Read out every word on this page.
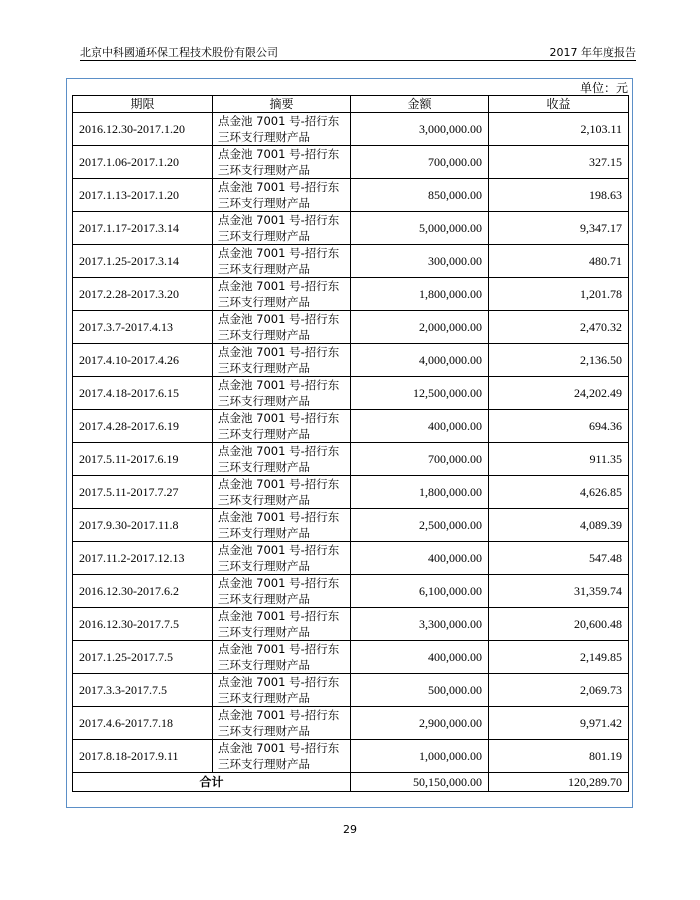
北京中科國通环保工程技术股份有限公司	2017 年年度报告
单位：元
期限	摘要	金额	收益
2016.12.30-2017.1.20	点金池 7001 号-招行东
三环支行理财产品	3,000,000.00	2,103.11
2017.1.06-2017.1.20	点金池 7001 号-招行东
三环支行理财产品	700,000.00	327.15
2017.1.13-2017.1.20	点金池 7001 号-招行东
三环支行理财产品	850,000.00	198.63
2017.1.17-2017.3.14	点金池 7001 号-招行东
三环支行理财产品	5,000,000.00	9,347.17
2017.1.25-2017.3.14	点金池 7001 号-招行东
三环支行理财产品	300,000.00	480.71
2017.2.28-2017.3.20	点金池 7001 号-招行东
三环支行理财产品	1,800,000.00	1,201.78
2017.3.7-2017.4.13	点金池 7001 号-招行东
三环支行理财产品	2,000,000.00	2,470.32
2017.4.10-2017.4.26	点金池 7001 号-招行东
三环支行理财产品	4,000,000.00	2,136.50
2017.4.18-2017.6.15	点金池 7001 号-招行东
三环支行理财产品	12,500,000.00	24,202.49
2017.4.28-2017.6.19	点金池 7001 号-招行东
三环支行理财产品	400,000.00	694.36
2017.5.11-2017.6.19	点金池 7001 号-招行东
三环支行理财产品	700,000.00	911.35
2017.5.11-2017.7.27	点金池 7001 号-招行东
三环支行理财产品	1,800,000.00	4,626.85
2017.9.30-2017.11.8	点金池 7001 号-招行东
三环支行理财产品	2,500,000.00	4,089.39
2017.11.2-2017.12.13	点金池 7001 号-招行东
三环支行理财产品	400,000.00	547.48
2016.12.30-2017.6.2	点金池 7001 号-招行东
三环支行理财产品	6,100,000.00	31,359.74
2016.12.30-2017.7.5	点金池 7001 号-招行东
三环支行理财产品	3,300,000.00	20,600.48
2017.1.25-2017.7.5	点金池 7001 号-招行东
三环支行理财产品	400,000.00	2,149.85
2017.3.3-2017.7.5	点金池 7001 号-招行东
三环支行理财产品	500,000.00	2,069.73
2017.4.6-2017.7.18	点金池 7001 号-招行东
三环支行理财产品	2,900,000.00	9,971.42
2017.8.18-2017.9.11	点金池 7001 号-招行东
三环支行理财产品	1,000,000.00	801.19
合计		50,150,000.00	120,289.70
29
